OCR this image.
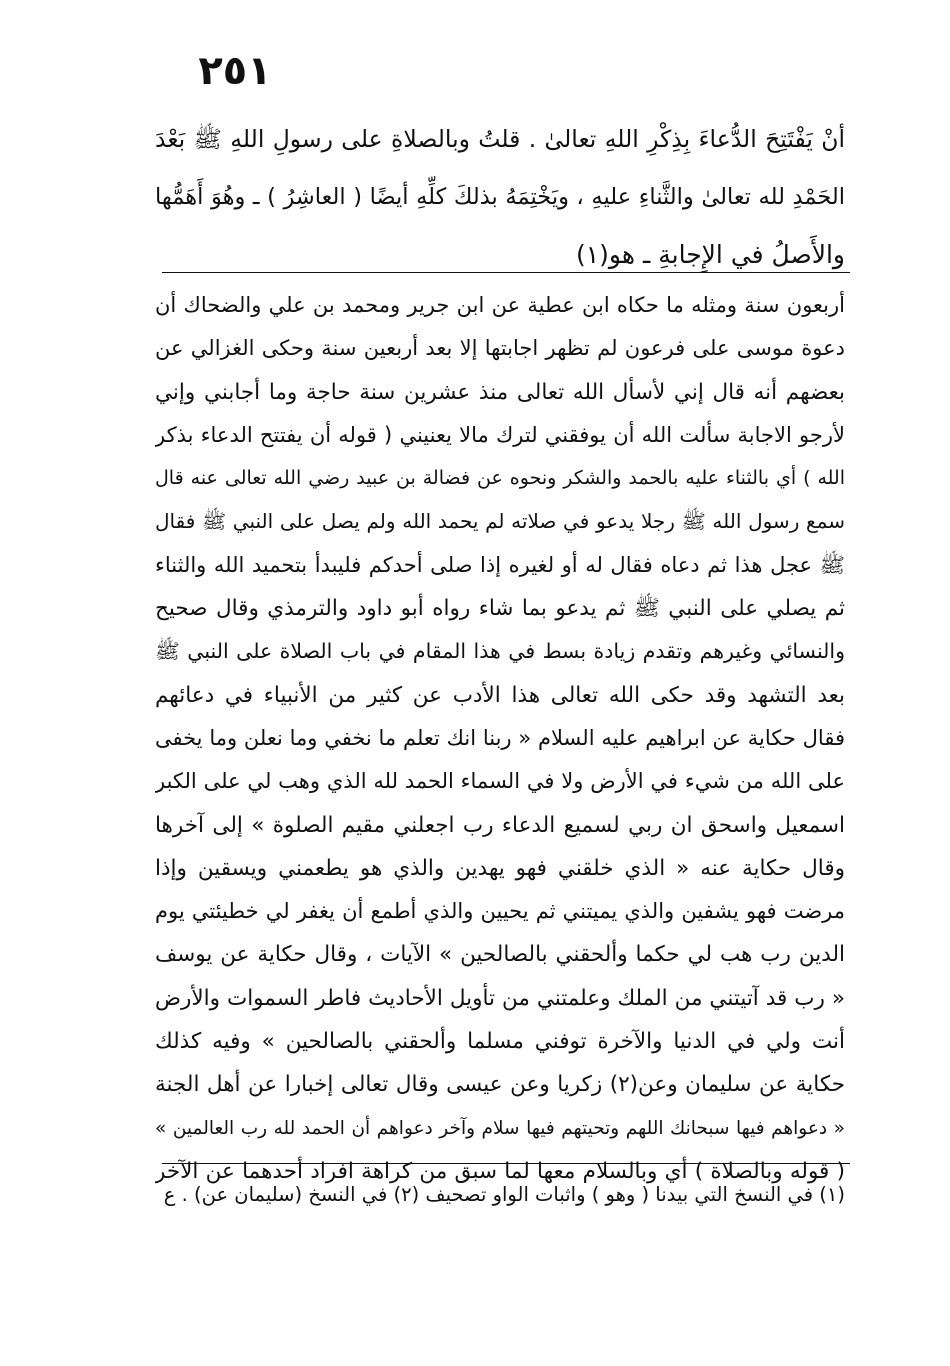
٢٥١
أنْ يَفْتَتِحَ الدُّعاءَ بِذِكْرِ اللهِ تعالىٰ . قلتُ وبالصلاةِ على رسولِ اللهِ ﷺ بَعْدَ
الحَمْدِ لله تعالىٰ والثَّناءِ عليهِ ، ويَخْتِمَهُ بذلكَ كلِّهِ أيضًا ( العاشِرُ ) ـ وهُوَ أَهَمُّها
والأَصلُ في الإِجابةِ ـ هو(١)
أربعون سنة ومثله ما حكاه ابن عطية عن ابن جرير ومحمد بن علي والضحاك أن
دعوة موسى على فرعون لم تظهر اجابتها إلا بعد أربعين سنة وحكى الغزالي عن
بعضهم أنه قال إني لأسأل الله تعالى منذ عشرين سنة حاجة وما أجابني وإني
لأرجو الاجابة سألت الله أن يوفقني لترك مالا يعنيني ( قوله أن يفتتح الدعاء بذكر
الله ) أي بالثناء عليه بالحمد والشكر ونحوه عن فضالة بن عبيد رضي الله تعالى عنه قال
سمع رسول الله ﷺ رجلا يدعو في صلاته لم يحمد الله ولم يصل على النبي ﷺ فقال
ﷺ عجل هذا ثم دعاه فقال له أو لغيره إذا صلى أحدكم فليبدأ بتحميد الله والثناء
ثم يصلي على النبي ﷺ ثم يدعو بما شاء رواه أبو داود والترمذي وقال صحيح
والنسائي وغيرهم وتقدم زيادة بسط في هذا المقام في باب الصلاة على النبي ﷺ
بعد التشهد وقد حكى الله تعالى هذا الأدب عن كثير من الأنبياء في دعائهم
فقال حكاية عن ابراهيم عليه السلام « ربنا انك تعلم ما نخفي وما نعلن وما يخفى
على الله من شيء في الأرض ولا في السماء الحمد لله الذي وهب لي على الكبر
اسمعيل واسحق ان ربي لسميع الدعاء رب اجعلني مقيم الصلوة » إلى آخرها
وقال حكاية عنه « الذي خلقني فهو يهدين والذي هو يطعمني ويسقين وإذا
مرضت فهو يشفين والذي يميتني ثم يحيين والذي أطمع أن يغفر لي خطيئتي يوم
الدين رب هب لي حكما وألحقني بالصالحين » الآيات ، وقال حكاية عن يوسف
« رب قد آتيتني من الملك وعلمتني من تأويل الأحاديث فاطر السموات والأرض
أنت ولي في الدنيا والآخرة توفني مسلما وألحقني بالصالحين » وفيه كذلك
حكاية عن سليمان وعن(٢) زكريا وعن عيسى وقال تعالى إخبارا عن أهل الجنة
« دعواهم فيها سبحانك اللهم وتحيتهم فيها سلام وآخر دعواهم أن الحمد لله رب العالمين »
( قوله وبالصلاة ) أي وبالسلام معها لما سبق من كراهة افراد أحدهما عن الآخر
(١) في النسخ التي بيدنا ( وهو ) واثبات الواو تصحيف (٢) في النسخ (سليمان عن) . ع
